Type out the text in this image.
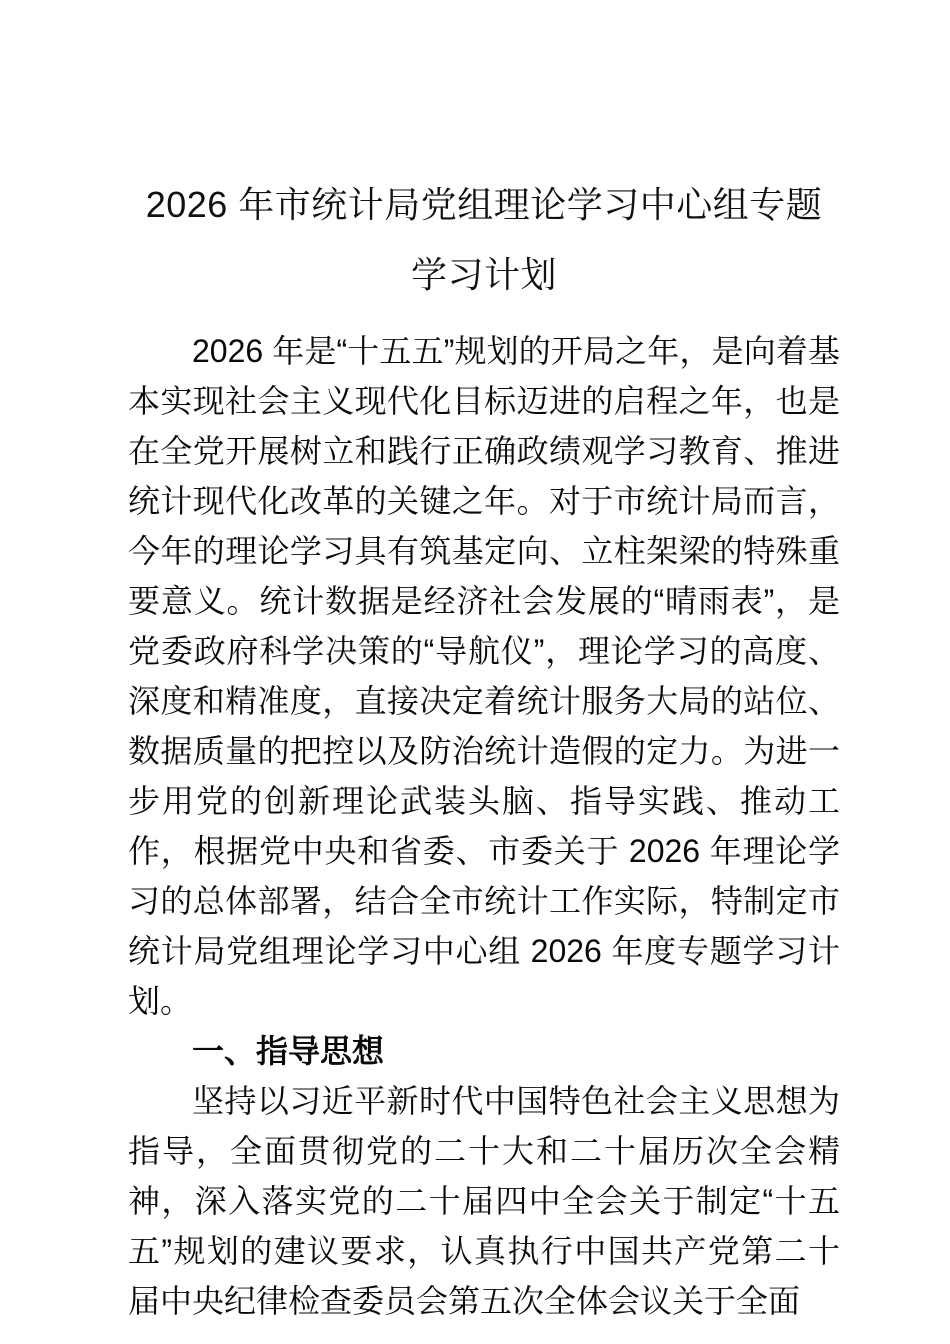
2026 年市统计局党组理论学习中心组专题
学习计划

2026 年是“十五五”规划的开局之年，是向着基本实现社会主义现代化目标迈进的启程之年，也是在全党开展树立和践行正确政绩观学习教育、推进统计现代化改革的关键之年。对于市统计局而言，今年的理论学习具有筑基定向、立柱架梁的特殊重要意义。统计数据是经济社会发展的“晴雨表”，是党委政府科学决策的“导航仪”，理论学习的高度、深度和精准度，直接决定着统计服务大局的站位、数据质量的把控以及防治统计造假的定力。为进一步用党的创新理论武装头脑、指导实践、推动工作，根据党中央和省委、市委关于 2026 年理论学习的总体部署，结合全市统计工作实际，特制定市统计局党组理论学习中心组 2026 年度专题学习计划。

一、指导思想

坚持以习近平新时代中国特色社会主义思想为指导，全面贯彻党的二十大和二十届历次全会精神，深入落实党的二十届四中全会关于制定“十五五”规划的建议要求，认真执行中国共产党第二十届中央纪律检查委员会第五次全体会议关于全面
